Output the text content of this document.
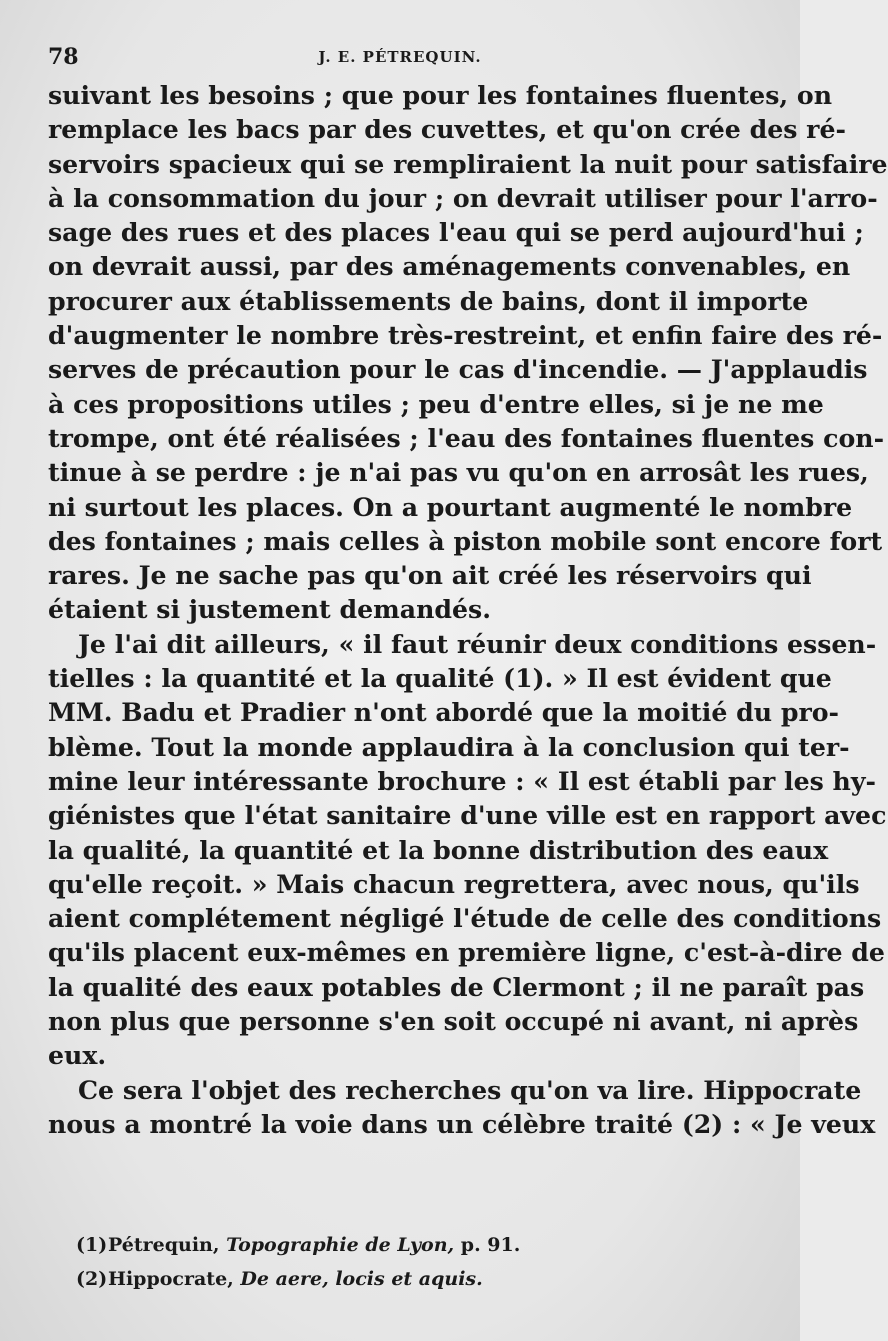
78	J. E. PÉTREQUIN.
suivant les besoins ; que pour les fontaines fluentes, on
remplace les bacs par des cuvettes, et qu'on crée des ré-
servoirs spacieux qui se rempliraient la nuit pour satisfaire
à la consommation du jour ; on devrait utiliser pour l'arro-
sage des rues et des places l'eau qui se perd aujourd'hui ;
on devrait aussi, par des aménagements convenables, en
procurer aux établissements de bains, dont il importe
d'augmenter le nombre très-restreint, et enfin faire des ré-
serves de précaution pour le cas d'incendie. — J'applaudis
à ces propositions utiles ; peu d'entre elles, si je ne me
trompe, ont été réalisées ; l'eau des fontaines fluentes con-
tinue à se perdre : je n'ai pas vu qu'on en arrosât les rues,
ni surtout les places. On a pourtant augmenté le nombre
des fontaines ; mais celles à piston mobile sont encore fort
rares. Je ne sache pas qu'on ait créé les réservoirs qui
étaient si justement demandés.
Je l'ai dit ailleurs, « il faut réunir deux conditions essen-
tielles : la quantité et la qualité (1). » Il est évident que
MM. Badu et Pradier n'ont abordé que la moitié du pro-
blème. Tout la monde applaudira à la conclusion qui ter-
mine leur intéressante brochure : « Il est établi par les hy-
giénistes que l'état sanitaire d'une ville est en rapport avec
la qualité, la quantité et la bonne distribution des eaux
qu'elle reçoit. » Mais chacun regrettera, avec nous, qu'ils
aient complétement négligé l'étude de celle des conditions
qu'ils placent eux-mêmes en première ligne, c'est-à-dire de
la qualité des eaux potables de Clermont ; il ne paraît pas
non plus que personne s'en soit occupé ni avant, ni après
eux.
Ce sera l'objet des recherches qu'on va lire. Hippocrate
nous a montré la voie dans un célèbre traité (2) : « Je veux
(1)Pétrequin, Topographie de Lyon, p. 91.
(2)Hippocrate, De aere, locis et aquis.
